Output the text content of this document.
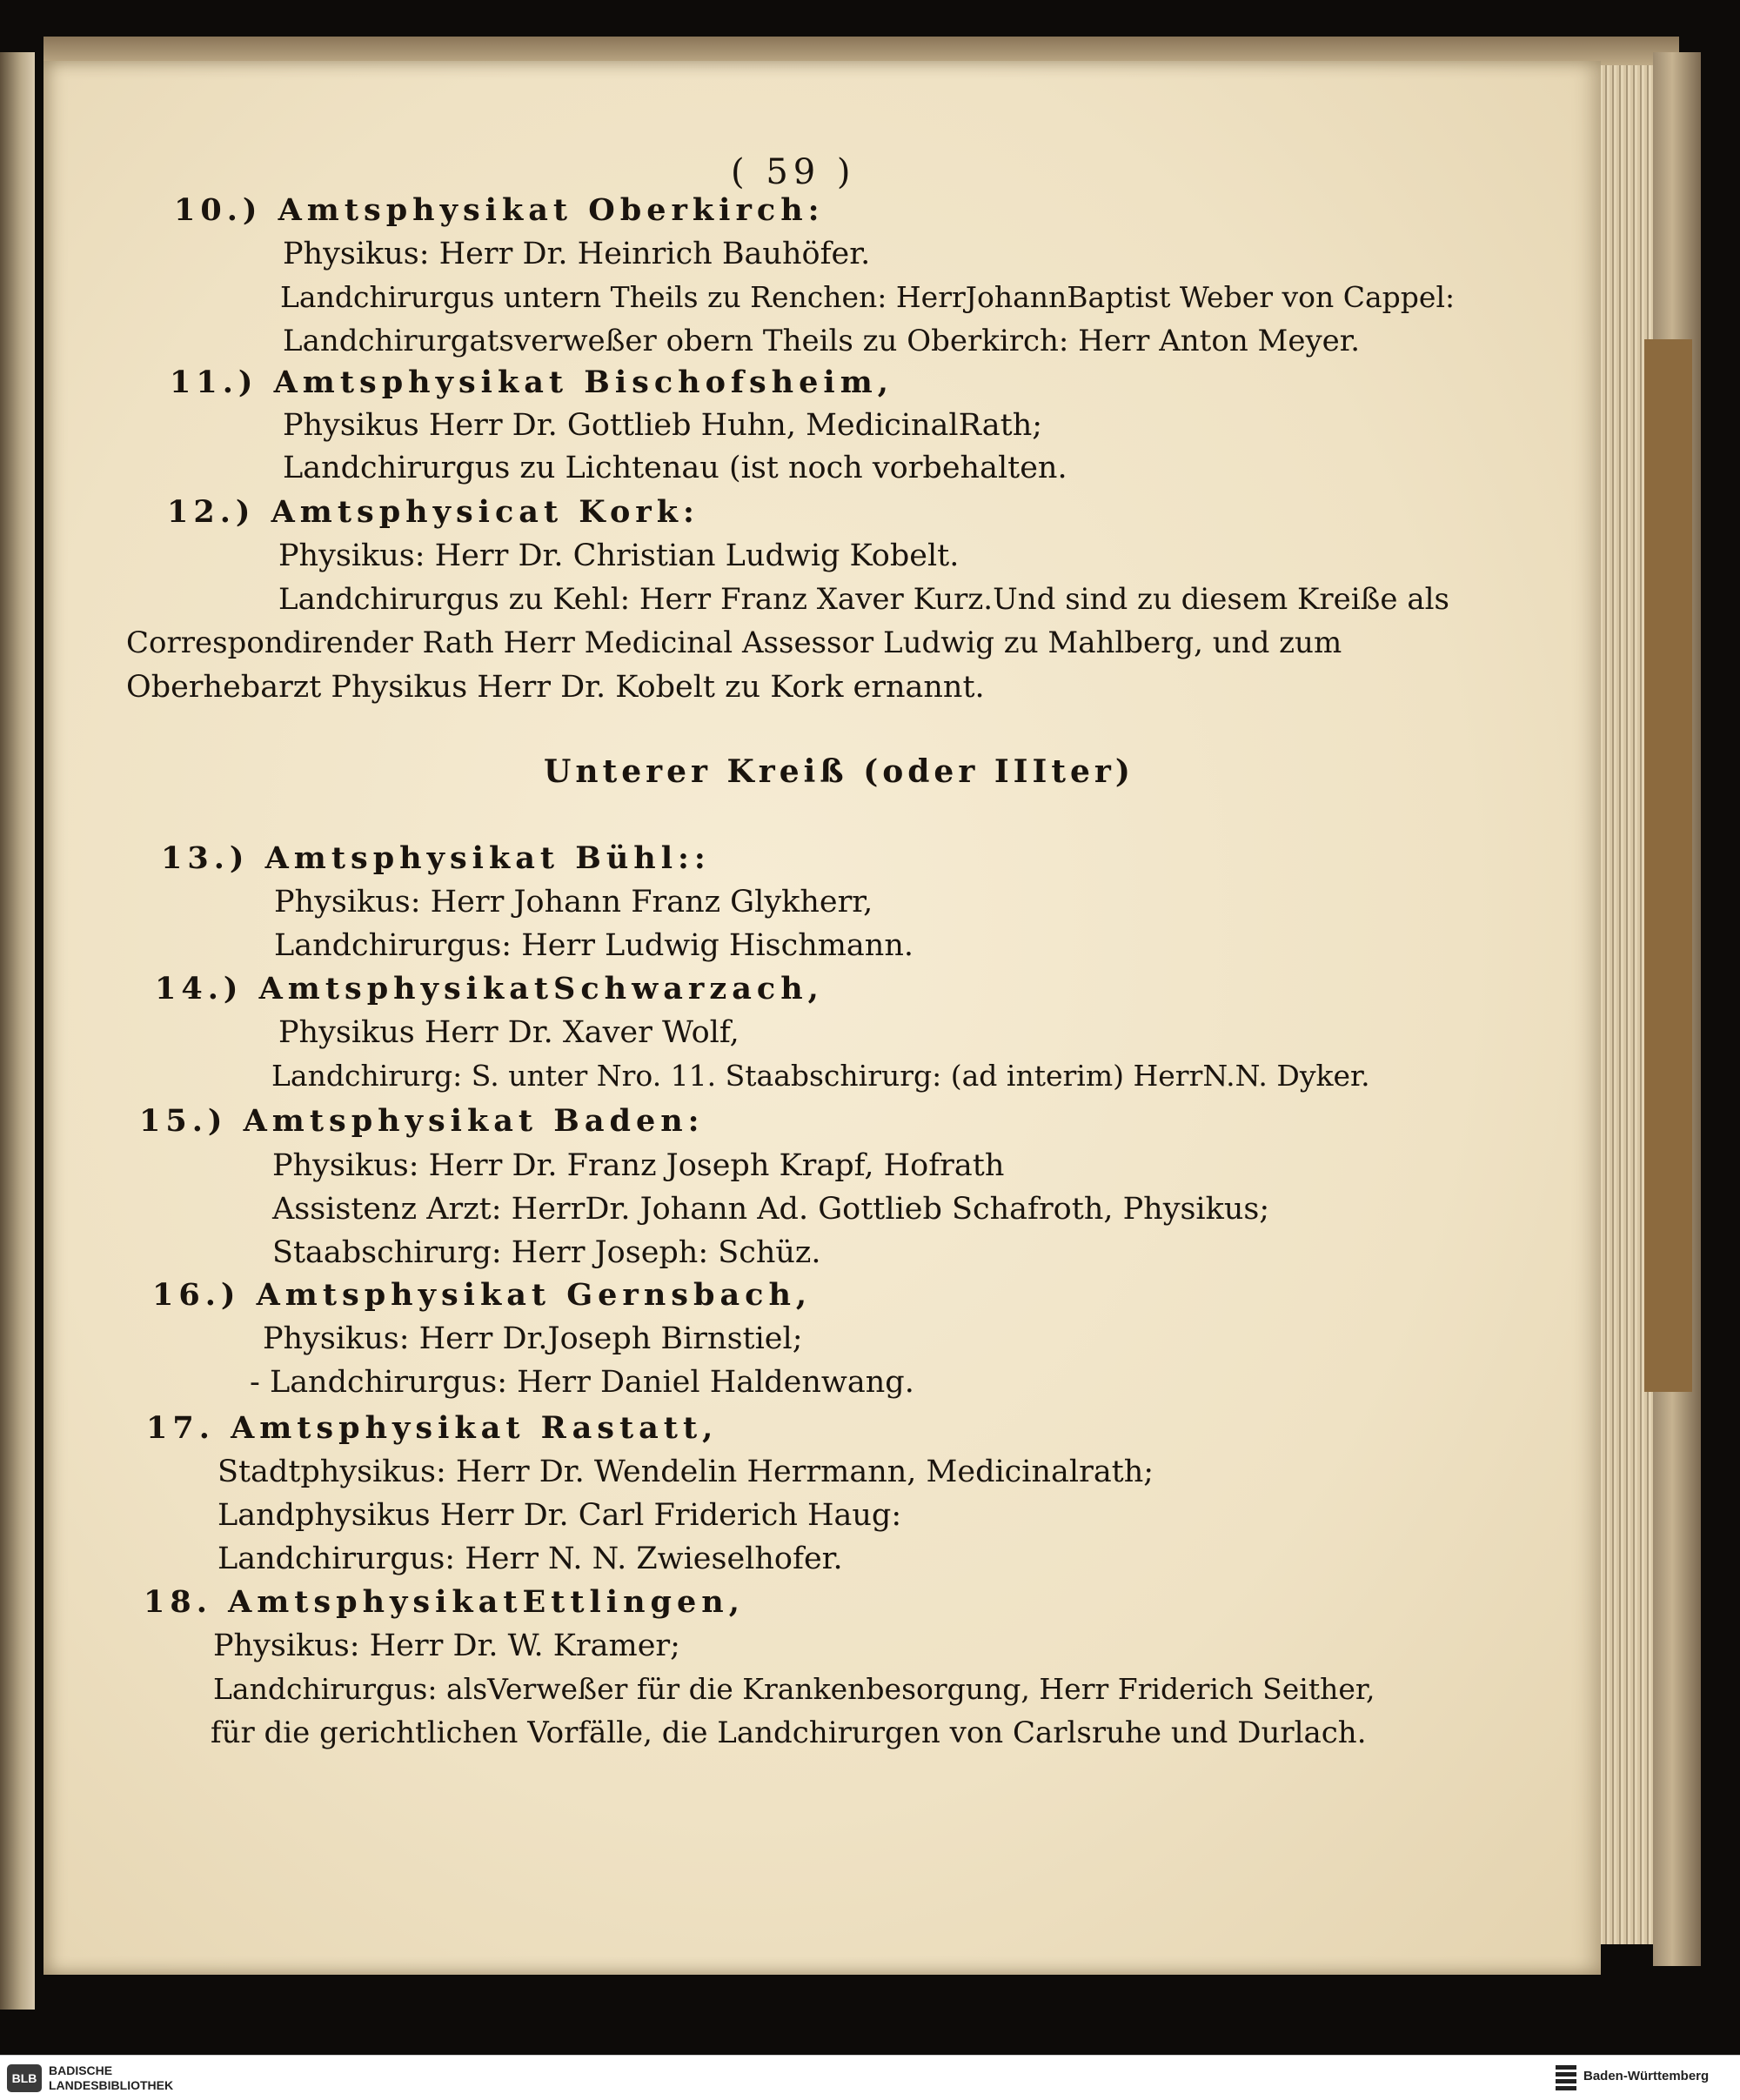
( 59 )
10.) Amtsphysikat Oberkirch:
Physikus: Herr Dr. Heinrich Bauhöfer.
Landchirurgus untern Theils zu Renchen: HerrJohannBaptist Weber von Cappel:
Landchirurgatsverweßer obern Theils zu Oberkirch: Herr Anton Meyer.
11.) Amtsphysikat Bischofsheim,
Physikus Herr Dr. Gottlieb Huhn, MedicinalRath;
Landchirurgus zu Lichtenau (ist noch vorbehalten.
12.) Amtsphysicat Kork:
Physikus: Herr Dr. Christian Ludwig Kobelt.
Landchirurgus zu Kehl: Herr Franz Xaver Kurz.Und sind zu diesem Kreiße als
Correspondirender Rath Herr Medicinal Assessor Ludwig zu Mahlberg, und zum
Oberhebarzt Physikus Herr Dr. Kobelt zu Kork ernannt.
Unterer Kreiß (oder IIIter)
13.) Amtsphysikat Bühl::
Physikus: Herr Johann Franz Glykherr,
Landchirurgus: Herr Ludwig Hischmann.
14.) AmtsphysikatSchwarzach,
Physikus Herr Dr. Xaver Wolf,
Landchirurg: S. unter Nro. 11. Staabschirurg: (ad interim) HerrN.N. Dyker.
15.) Amtsphysikat Baden:
Physikus: Herr Dr. Franz Joseph Krapf, Hofrath
Assistenz Arzt: HerrDr. Johann Ad. Gottlieb Schafroth, Physikus;
Staabschirurg: Herr Joseph: Schüz.
16.) Amtsphysikat Gernsbach,
Physikus: Herr Dr.Joseph Birnstiel;
- Landchirurgus: Herr Daniel Haldenwang.
17. Amtsphysikat Rastatt,
Stadtphysikus: Herr Dr. Wendelin Herrmann, Medicinalrath;
Landphysikus Herr Dr. Carl Friderich Haug:
Landchirurgus: Herr N. N. Zwieselhofer.
18. AmtsphysikatEttlingen,
Physikus: Herr Dr. W. Kramer;
Landchirurgus: alsVerweßer für die Krankenbesorgung, Herr Friderich Seither,
für die gerichtlichen Vorfälle, die Landchirurgen von Carlsruhe und Durlach.
BLB
BADISCHE
LANDESBIBLIOTHEK
Baden-Württemberg
